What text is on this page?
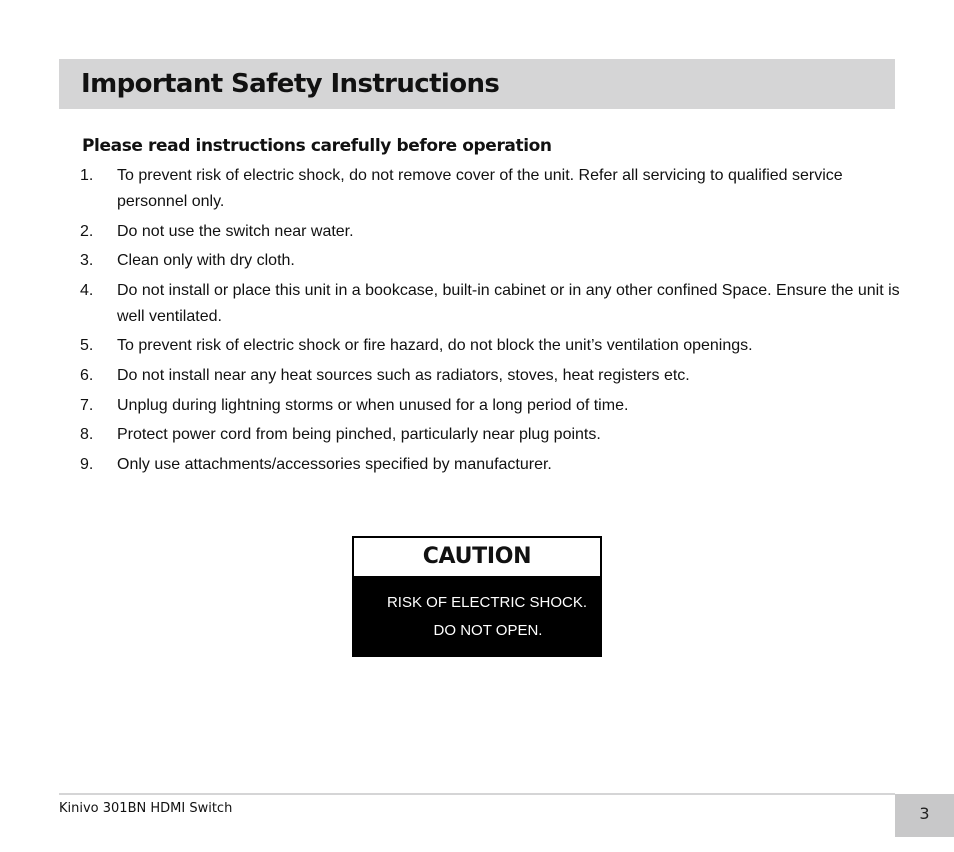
Important Safety Instructions
Please read instructions carefully before operation
1.	To prevent risk of electric shock, do not remove cover of the unit. Refer all servicing to qualified service personnel only.
2.	Do not use the switch near water.
3.	Clean only with dry cloth.
4.	Do not install or place this unit in a bookcase, built-in cabinet or in any other confined Space. Ensure the unit is well ventilated.
5.	To prevent risk of electric shock or fire hazard, do not block the unit’s ventilation openings.
6.	Do not install near any heat sources such as radiators, stoves, heat registers etc.
7.	Unplug during lightning storms or when unused for a long period of time.
8.	Protect power cord from being pinched, particularly near plug points.
9.	Only use attachments/accessories specified by manufacturer.
CAUTION
RISK OF ELECTRIC SHOCK.
DO NOT OPEN.

Kinivo 301BN HDMI Switch	3
